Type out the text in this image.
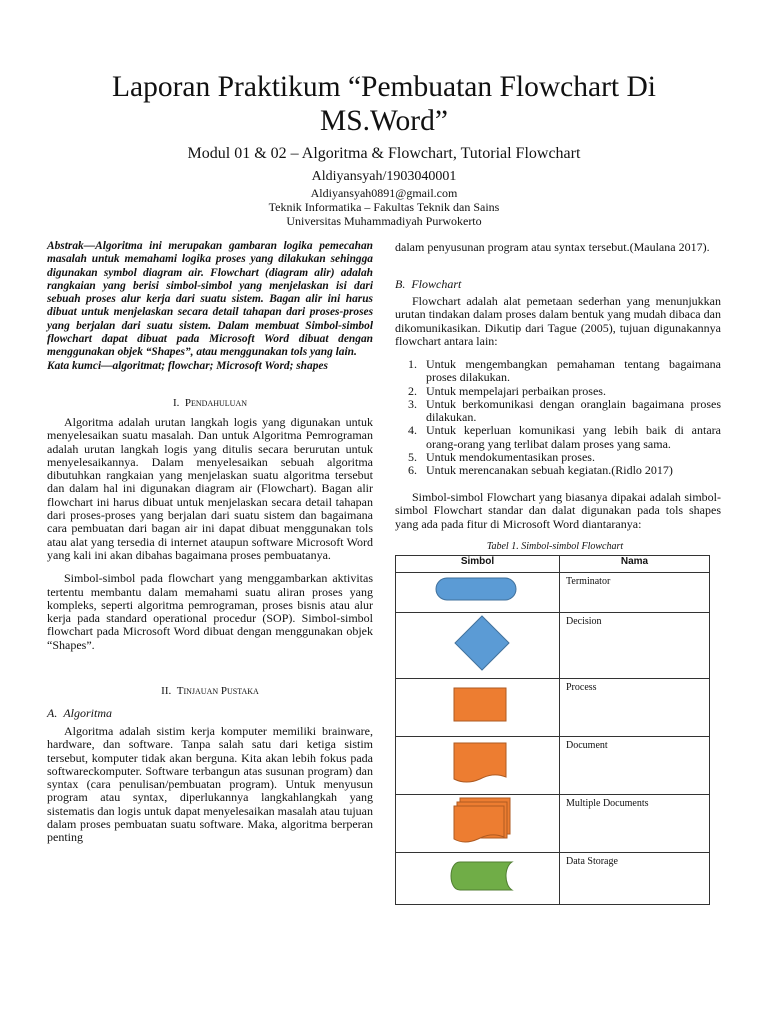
Laporan Praktikum “Pembuatan Flowchart Di
MS.Word”
Modul 01 & 02 – Algoritma & Flowchart, Tutorial Flowchart
Aldiyansyah/1903040001
Aldiyansyah0891@gmail.com
Teknik Informatika – Fakultas Teknik dan Sains
Universitas Muhammadiyah Purwokerto

Abstrak—Algoritma ini merupakan gambaran logika pemecahan masalah untuk memahami logika proses yang dilakukan sehingga digunakan symbol diagram air. Flowchart (diagram alir) adalah rangkaian yang berisi simbol-simbol yang menjelaskan isi dari sebuah proses alur kerja dari suatu sistem. Bagan alir ini harus dibuat untuk menjelaskan secara detail tahapan dari proses-proses yang berjalan dari suatu sistem. Dalam membuat Simbol-simbol flowchart dapat dibuat pada Microsoft Word dibuat dengan menggunakan objek “Shapes”, atau menggunakan tols yang lain.

Kata kumci—algoritmat; flowchar; Microsoft Word; shapes
I. Pendahuluan

Algoritma adalah urutan langkah logis yang digunakan untuk menyelesaikan suatu masalah. Dan untuk Algoritma Pemrograman adalah urutan langkah logis yang ditulis secara berurutan untuk menyelesaikannya. Dalam menyelesaikan sebuah algoritma dibutuhkan rangkaian yang menjelaskan suatu algoritma tersebut dan dalam hal ini digunakan diagram air (Flowchart). Bagan alir flowchart ini harus dibuat untuk menjelaskan secara detail tahapan dari proses-proses yang berjalan dari suatu sistem dan bagaimana cara pembuatan dari bagan air ini dapat dibuat menggunakan tols atau alat yang tersedia di internet ataupun software Microsoft Word yang kali ini akan dibahas bagaimana proses pembuatanya.

Simbol-simbol pada flowchart yang menggambarkan aktivitas tertentu membantu dalam memahami suatu aliran proses yang kompleks, seperti algoritma pemrograman, proses bisnis atau alur kerja pada standard operational procedur (SOP). Simbol-simbol flowchart pada Microsoft Word dibuat dengan menggunakan objek “Shapes”.

II. Tinjauan Pustaka
A. Algoritma

Algoritma adalah sistim kerja komputer memiliki brainware, hardware, dan software. Tanpa salah satu dari ketiga sistim tersebut, komputer tidak akan berguna. Kita akan lebih fokus pada softwareckomputer. Software terbangun atas susunan program) dan syntax (cara penulisan/pembuatan program). Untuk menyusun program atau syntax, diperlukannya langkahlangkah yang sistematis dan logis untuk dapat menyelesaikan masalah atau tujuan dalam proses pembuatan suatu software. Maka, algoritma berperan penting

dalam penyusunan program atau syntax tersebut.(Maulana 2017).

B. Flowchart

Flowchart adalah alat pemetaan sederhan yang menunjukkan urutan tindakan dalam proses dalam bentuk yang mudah dibaca dan dikomunikasikan. Dikutip dari Tague (2005), tujuan digunakannya flowchart antara lain:

1. Untuk mengembangkan pemahaman tentang bagaimana proses dilakukan.
2. Untuk mempelajari perbaikan proses.
3. Untuk berkomunikasi dengan oranglain bagaimana proses dilakukan.
4. Untuk keperluan komunikasi yang lebih baik di antara orang-orang yang terlibat dalam proses yang sama.
5. Untuk mendokumentasikan proses.
6. Untuk merencanakan sebuah kegiatan.(Ridlo 2017)

Simbol-simbol Flowchart yang biasanya dipakai adalah simbol-simbol Flowchart standar dan dalat digunakan pada tols shapes yang ada pada fitur di Microsoft Word diantaranya:

Tabel 1. Simbol-simbol Flowchart
Simbol	Nama

Terminator

Decision

Process

Document

Multiple Documents

Data Storage
